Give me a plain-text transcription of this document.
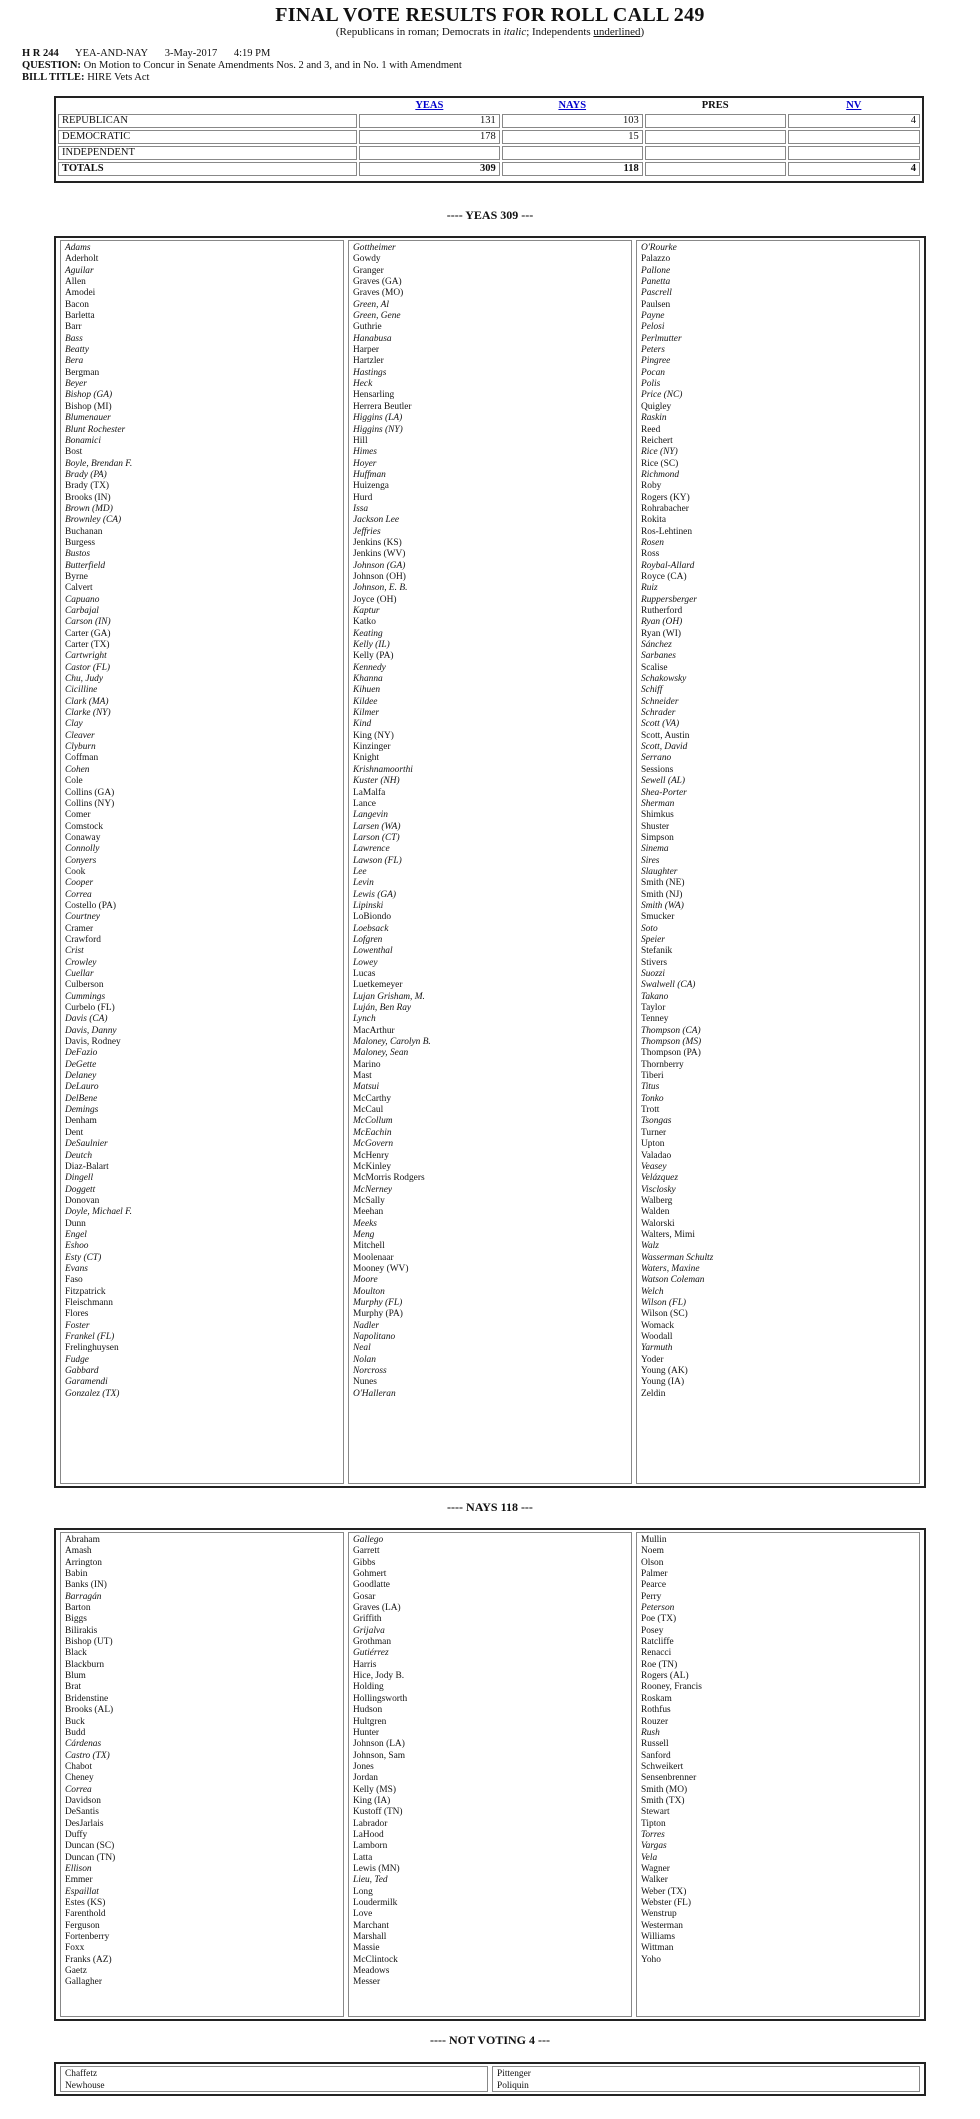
FINAL VOTE RESULTS FOR ROLL CALL 249
(Republicans in roman; Democrats in italic; Independents underlined)
H R 244 YEA-AND-NAY 3-May-2017 4:19 PM
QUESTION: On Motion to Concur in Senate Amendments Nos. 2 and 3, and in No. 1 with Amendment
BILL TITLE: HIRE Vets Act
	YEAS	NAYS	PRES	NV
REPUBLICAN	131	103		4
DEMOCRATIC	178	15		
INDEPENDENT				
TOTALS	309	118		4
---- YEAS 309 ---
Adams
Aderholt
Aguilar
Allen
Amodei
Bacon
Barletta
Barr
Bass
Beatty
Bera
Bergman
Beyer
Bishop (GA)
Bishop (MI)
Blumenauer
Blunt Rochester
Bonamici
Bost
Boyle, Brendan F.
Brady (PA)
Brady (TX)
Brooks (IN)
Brown (MD)
Brownley (CA)
Buchanan
Burgess
Bustos
Butterfield
Byrne
Calvert
Capuano
Carbajal
Carson (IN)
Carter (GA)
Carter (TX)
Cartwright
Castor (FL)
Chu, Judy
Cicilline
Clark (MA)
Clarke (NY)
Clay
Cleaver
Clyburn
Coffman
Cohen
Cole
Collins (GA)
Collins (NY)
Comer
Comstock
Conaway
Connolly
Conyers
Cook
Cooper
Correa
Costello (PA)
Courtney
Cramer
Crawford
Crist
Crowley
Cuellar
Culberson
Cummings
Curbelo (FL)
Davis (CA)
Davis, Danny
Davis, Rodney
DeFazio
DeGette
Delaney
DeLauro
DelBene
Demings
Denham
Dent
DeSaulnier
Deutch
Diaz-Balart
Dingell
Doggett
Donovan
Doyle, Michael F.
Dunn
Engel
Eshoo
Esty (CT)
Evans
Faso
Fitzpatrick
Fleischmann
Flores
Foster
Frankel (FL)
Frelinghuysen
Fudge
Gabbard
Garamendi
Gonzalez (TX)
Gottheimer
Gowdy
Granger
Graves (GA)
Graves (MO)
Green, Al
Green, Gene
Guthrie
Hanabusa
Harper
Hartzler
Hastings
Heck
Hensarling
Herrera Beutler
Higgins (LA)
Higgins (NY)
Hill
Himes
Hoyer
Huffman
Huizenga
Hurd
Issa
Jackson Lee
Jeffries
Jenkins (KS)
Jenkins (WV)
Johnson (GA)
Johnson (OH)
Johnson, E. B.
Joyce (OH)
Kaptur
Katko
Keating
Kelly (IL)
Kelly (PA)
Kennedy
Khanna
Kihuen
Kildee
Kilmer
Kind
King (NY)
Kinzinger
Knight
Krishnamoorthi
Kuster (NH)
LaMalfa
Lance
Langevin
Larsen (WA)
Larson (CT)
Lawrence
Lawson (FL)
Lee
Levin
Lewis (GA)
Lipinski
LoBiondo
Loebsack
Lofgren
Lowenthal
Lowey
Lucas
Luetkemeyer
Lujan Grisham, M.
Luján, Ben Ray
Lynch
MacArthur
Maloney, Carolyn B.
Maloney, Sean
Marino
Mast
Matsui
McCarthy
McCaul
McCollum
McEachin
McGovern
McHenry
McKinley
McMorris Rodgers
McNerney
McSally
Meehan
Meeks
Meng
Mitchell
Moolenaar
Mooney (WV)
Moore
Moulton
Murphy (FL)
Murphy (PA)
Nadler
Napolitano
Neal
Nolan
Norcross
Nunes
O'Halleran
O'Rourke
Palazzo
Pallone
Panetta
Pascrell
Paulsen
Payne
Pelosi
Perlmutter
Peters
Pingree
Pocan
Polis
Price (NC)
Quigley
Raskin
Reed
Reichert
Rice (NY)
Rice (SC)
Richmond
Roby
Rogers (KY)
Rohrabacher
Rokita
Ros-Lehtinen
Rosen
Ross
Roybal-Allard
Royce (CA)
Ruiz
Ruppersberger
Rutherford
Ryan (OH)
Ryan (WI)
Sánchez
Sarbanes
Scalise
Schakowsky
Schiff
Schneider
Schrader
Scott (VA)
Scott, Austin
Scott, David
Serrano
Sessions
Sewell (AL)
Shea-Porter
Sherman
Shimkus
Shuster
Simpson
Sinema
Sires
Slaughter
Smith (NE)
Smith (NJ)
Smith (WA)
Smucker
Soto
Speier
Stefanik
Stivers
Suozzi
Swalwell (CA)
Takano
Taylor
Tenney
Thompson (CA)
Thompson (MS)
Thompson (PA)
Thornberry
Tiberi
Titus
Tonko
Trott
Tsongas
Turner
Upton
Valadao
Veasey
Velázquez
Visclosky
Walberg
Walden
Walorski
Walters, Mimi
Walz
Wasserman Schultz
Waters, Maxine
Watson Coleman
Welch
Wilson (FL)
Wilson (SC)
Womack
Woodall
Yarmuth
Yoder
Young (AK)
Young (IA)
Zeldin
---- NAYS 118 ---
Abraham
Amash
Arrington
Babin
Banks (IN)
Barragán
Barton
Biggs
Bilirakis
Bishop (UT)
Black
Blackburn
Blum
Brat
Bridenstine
Brooks (AL)
Buck
Budd
Cárdenas
Castro (TX)
Chabot
Cheney
Correa
Davidson
DeSantis
DesJarlais
Duffy
Duncan (SC)
Duncan (TN)
Ellison
Emmer
Espaillat
Estes (KS)
Farenthold
Ferguson
Fortenberry
Foxx
Franks (AZ)
Gaetz
Gallagher
Gallego
Garrett
Gibbs
Gohmert
Goodlatte
Gosar
Graves (LA)
Griffith
Grijalva
Grothman
Gutiérrez
Harris
Hice, Jody B.
Holding
Hollingsworth
Hudson
Hultgren
Hunter
Johnson (LA)
Johnson, Sam
Jones
Jordan
Kelly (MS)
King (IA)
Kustoff (TN)
Labrador
LaHood
Lamborn
Latta
Lewis (MN)
Lieu, Ted
Long
Loudermilk
Love
Marchant
Marshall
Massie
McClintock
Meadows
Messer
Mullin
Noem
Olson
Palmer
Pearce
Perry
Peterson
Poe (TX)
Posey
Ratcliffe
Renacci
Roe (TN)
Rogers (AL)
Rooney, Francis
Roskam
Rothfus
Rouzer
Rush
Russell
Sanford
Schweikert
Sensenbrenner
Smith (MO)
Smith (TX)
Stewart
Tipton
Torres
Vargas
Vela
Wagner
Walker
Weber (TX)
Webster (FL)
Wenstrup
Westerman
Williams
Wittman
Yoho
---- NOT VOTING 4 ---
Chaffetz
Newhouse
Pittenger
Poliquin
